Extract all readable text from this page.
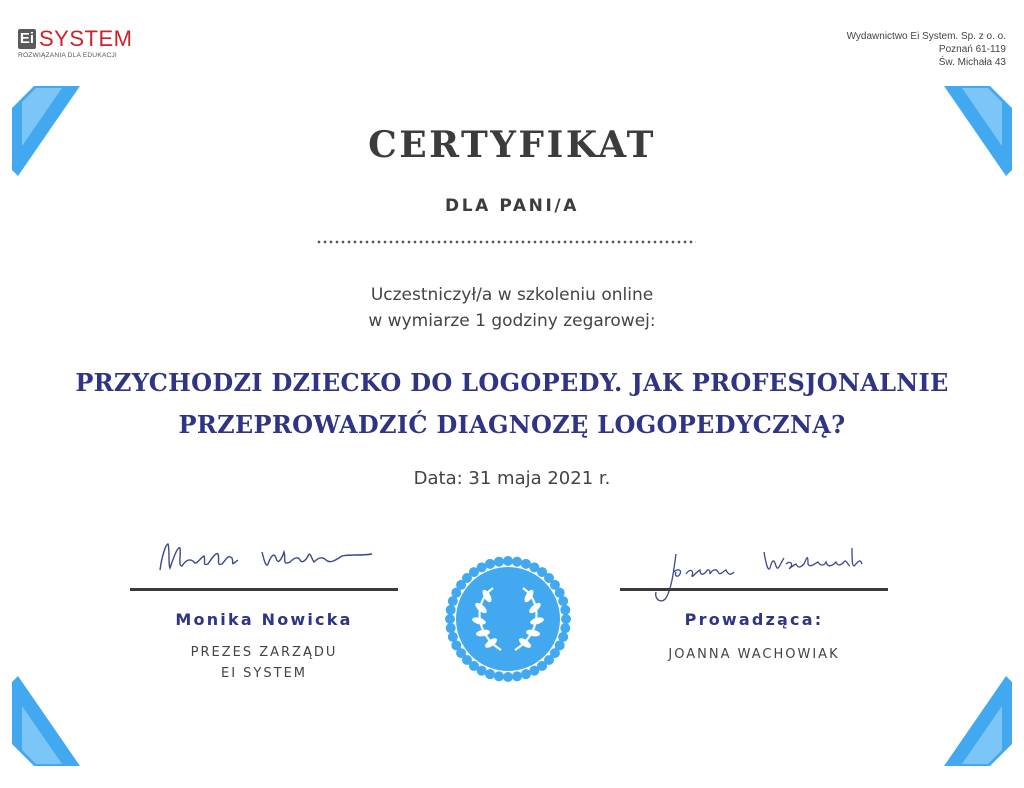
Ei SYSTEM
ROZWIĄZANIA DLA EDUKACJI
Wydawnictwo Ei System. Sp. z o. o.
Poznań 61-119
Św. Michała 43
CERTYFIKAT
DLA PANI/A
Uczestniczył/a w szkoleniu online
w wymiarze 1 godziny zegarowej:
PRZYCHODZI DZIECKO DO LOGOPEDY. JAK PROFESJONALNIE
PRZEPROWADZIĆ DIAGNOZĘ LOGOPEDYCZNĄ?
Data: 31 maja 2021 r.
Monika Nowicka
PREZES ZARZĄDU
EI SYSTEM
Prowadząca:
JOANNA WACHOWIAK
